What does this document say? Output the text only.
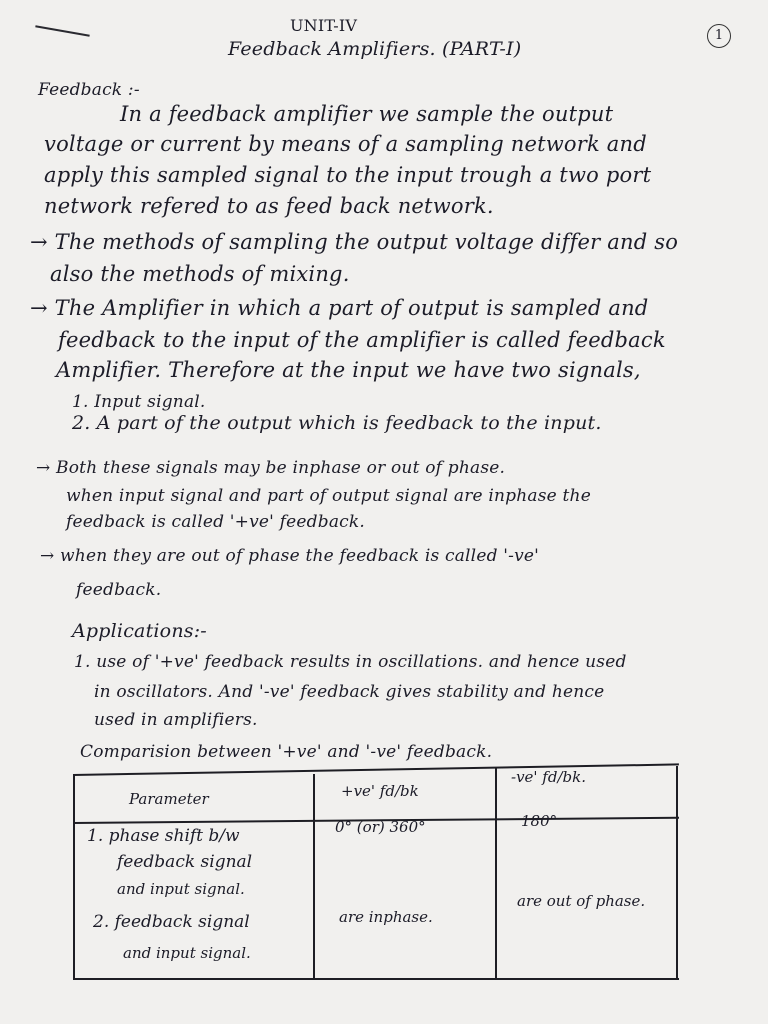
UNIT-IV
Feedback Amplifiers. (PART-I)
1
Feedback :-
In a feedback amplifier we sample the output
voltage or current by means of a sampling network and
apply this sampled signal to the input trough a two port
network refered to as feed back network.
→ The methods of sampling the output voltage differ and so
also the methods of mixing.
→ The Amplifier in which a part of output is sampled and
feedback to the input of the amplifier is called feedback
Amplifier. Therefore at the input we have two signals,
1. Input signal.
2. A part of the output which is feedback to the input.
→ Both these signals may be inphase or out of phase.
when input signal and part of output signal are inphase the
feedback is called '+ve' feedback.
→ when they are out of phase the feedback is called '-ve'
feedback.
Applications:-
1. use of '+ve' feedback results in oscillations. and hence used
in oscillators. And '-ve' feedback gives stability and hence
used in amplifiers.
Comparision between '+ve' and '-ve' feedback.
Parameter	+ve' fd/bk
-ve' fd/bk.
1. phase shift b/w
feedback signal
and input signal.
0° (or) 360°	180°
2. feedback signal
and input signal.
are inphase.
are out of phase.
